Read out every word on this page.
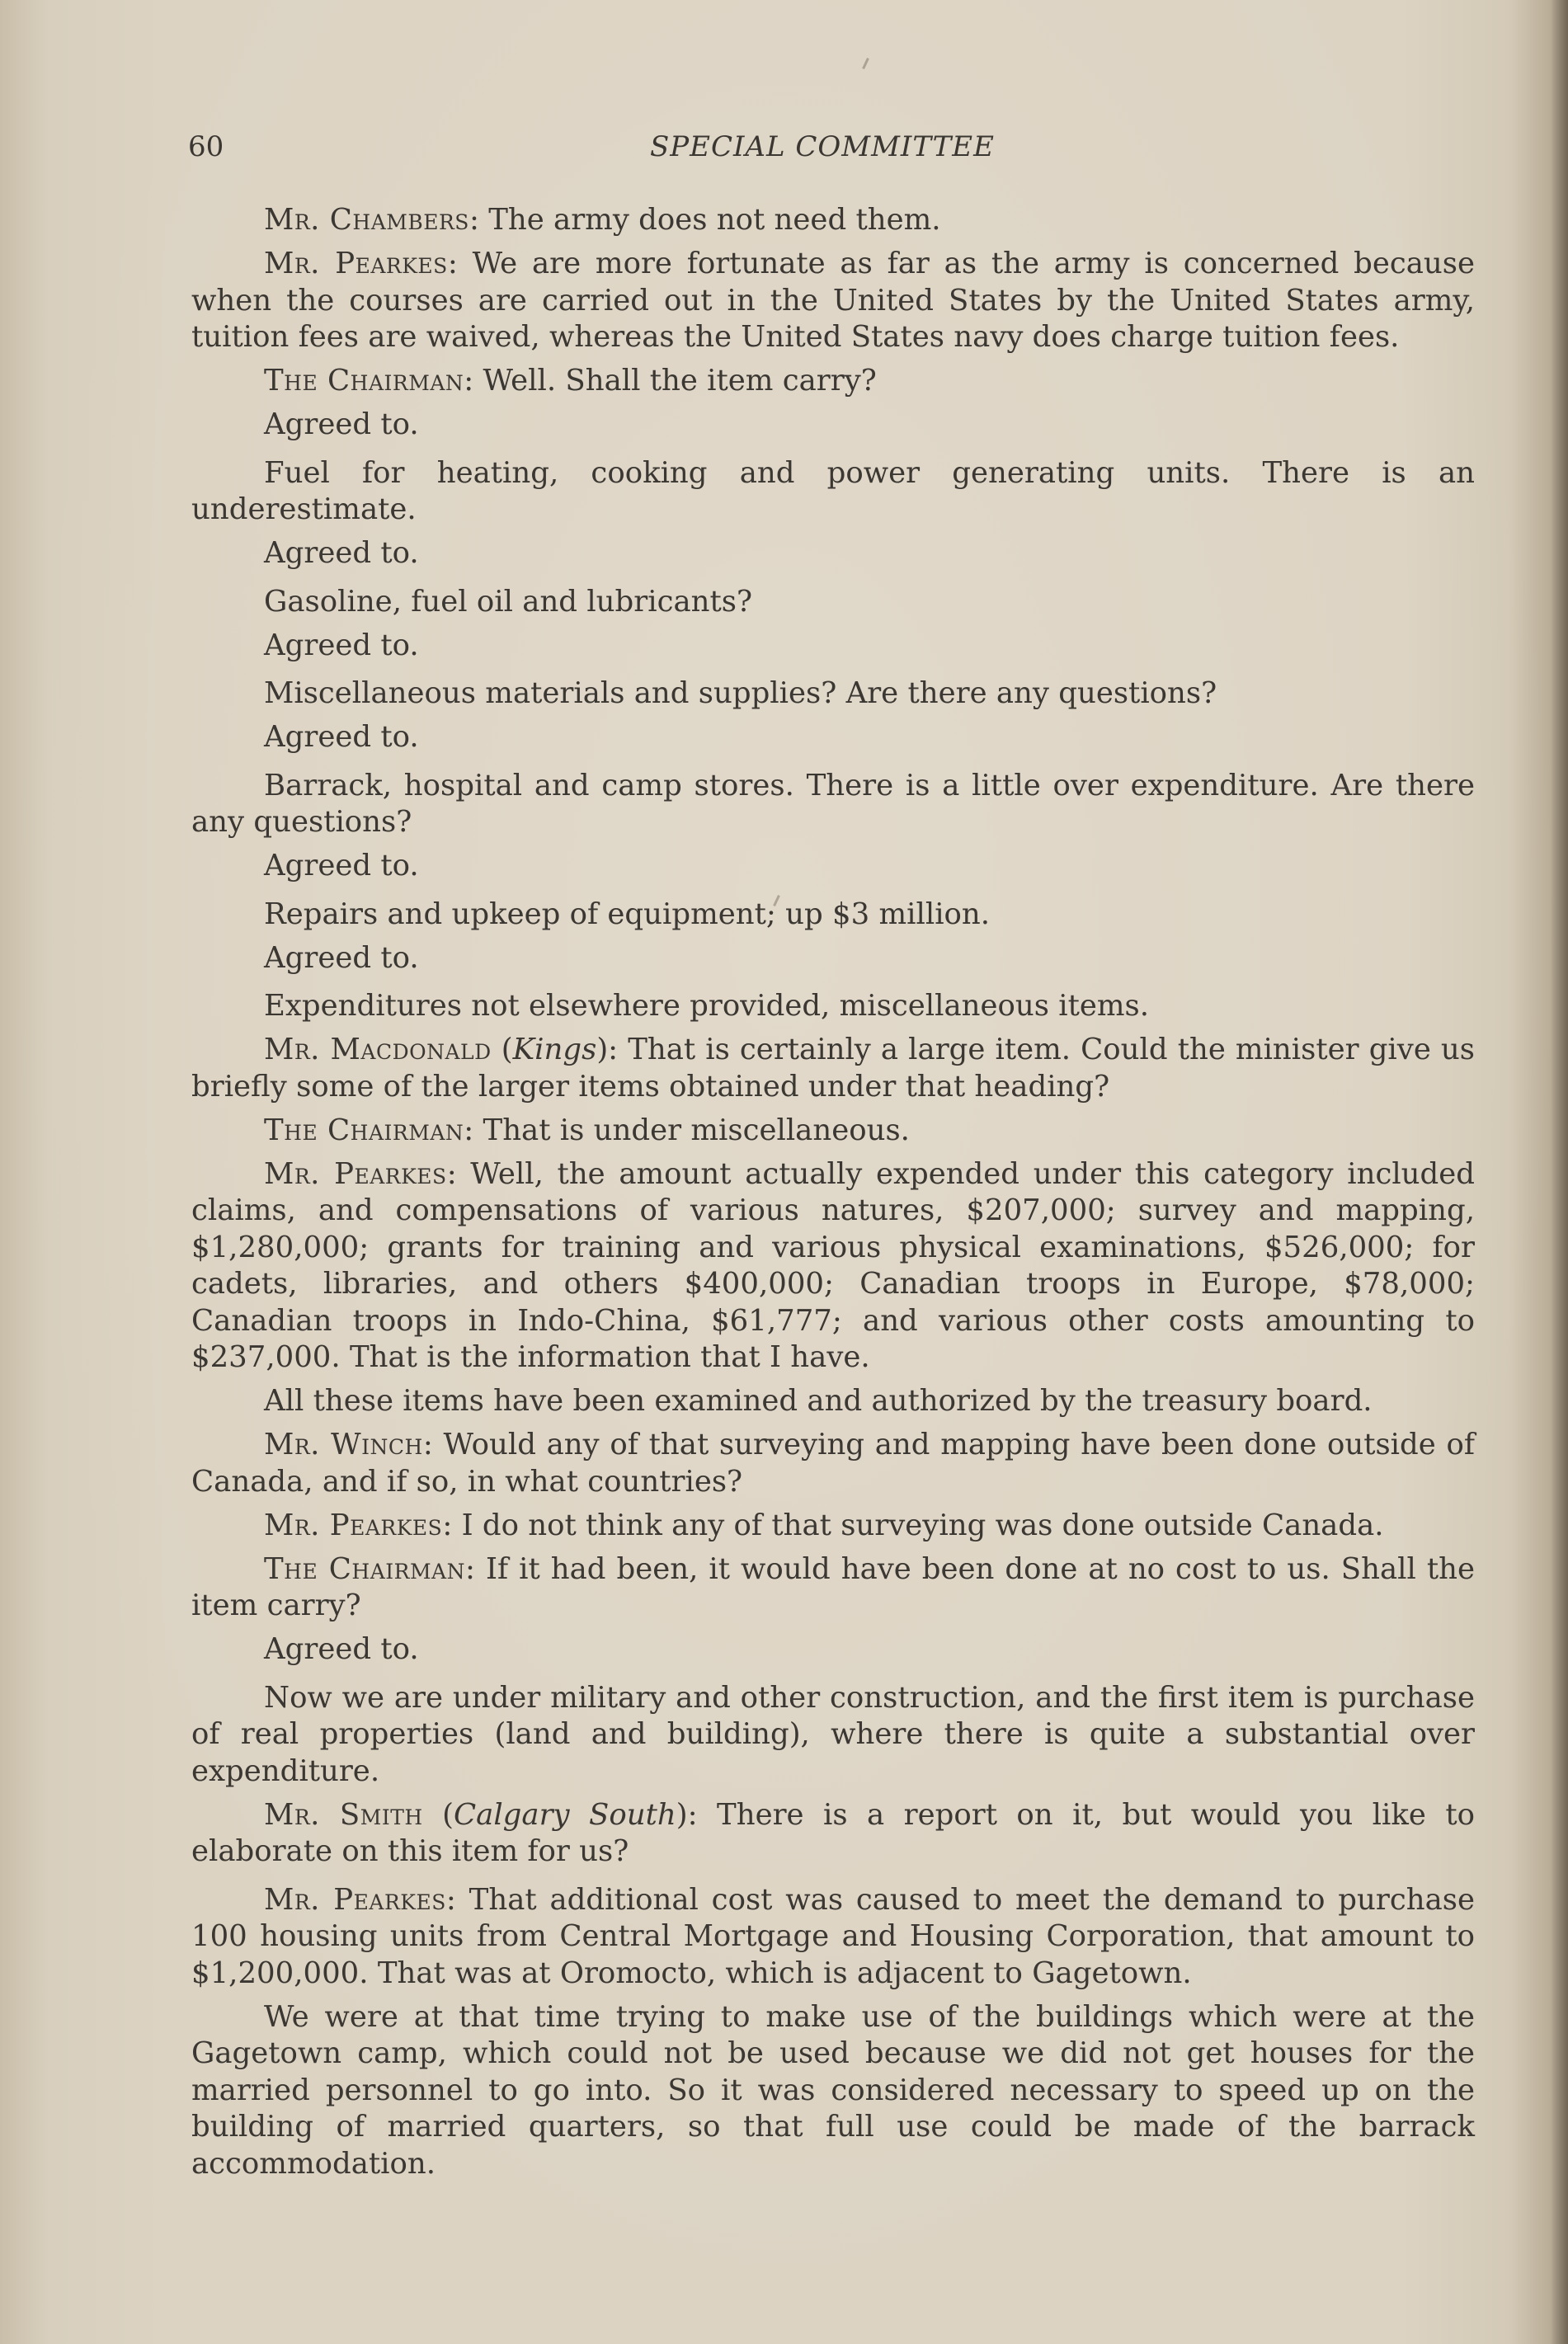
60	SPECIAL COMMITTEE

Mr. Chambers: The army does not need them.

Mr. Pearkes: We are more fortunate as far as the army is concerned because when the courses are carried out in the United States by the United States army, tuition fees are waived, whereas the United States navy does charge tuition fees.

The Chairman: Well. Shall the item carry?

Agreed to.

Fuel for heating, cooking and power generating units. There is an underestimate.

Agreed to.

Gasoline, fuel oil and lubricants?

Agreed to.

Miscellaneous materials and supplies? Are there any questions?

Agreed to.

Barrack, hospital and camp stores. There is a little over expenditure. Are there any questions?

Agreed to.

Repairs and upkeep of equipment; up $3 million.

Agreed to.

Expenditures not elsewhere provided, miscellaneous items.

Mr. Macdonald (Kings): That is certainly a large item. Could the minister give us briefly some of the larger items obtained under that heading?

The Chairman: That is under miscellaneous.

Mr. Pearkes: Well, the amount actually expended under this category included claims, and compensations of various natures, $207,000; survey and mapping, $1,280,000; grants for training and various physical examinations, $526,000; for cadets, libraries, and others $400,000; Canadian troops in Europe, $78,000; Canadian troops in Indo-China, $61,777; and various other costs amounting to $237,000. That is the information that I have.

All these items have been examined and authorized by the treasury board.

Mr. Winch: Would any of that surveying and mapping have been done outside of Canada, and if so, in what countries?

Mr. Pearkes: I do not think any of that surveying was done outside Canada.

The Chairman: If it had been, it would have been done at no cost to us. Shall the item carry?

Agreed to.

Now we are under military and other construction, and the first item is purchase of real properties (land and building), where there is quite a substantial over expenditure.

Mr. Smith (Calgary South): There is a report on it, but would you like to elaborate on this item for us?

Mr. Pearkes: That additional cost was caused to meet the demand to purchase 100 housing units from Central Mortgage and Housing Corporation, that amount to $1,200,000. That was at Oromocto, which is adjacent to Gagetown.

We were at that time trying to make use of the buildings which were at the Gagetown camp, which could not be used because we did not get houses for the married personnel to go into. So it was considered necessary to speed up on the building of married quarters, so that full use could be made of the barrack accommodation.
